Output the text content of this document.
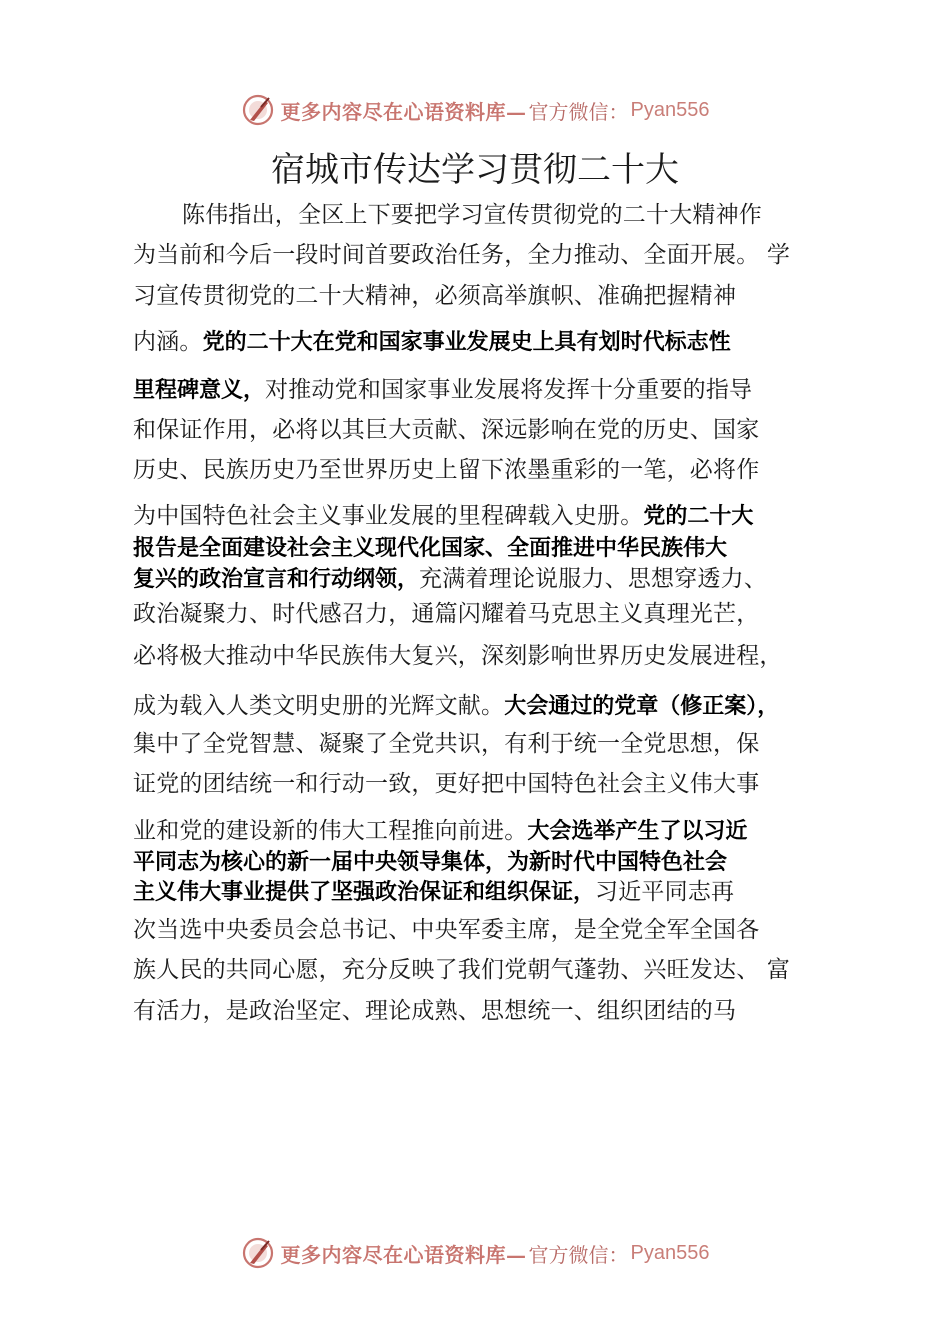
更多内容尽在心语资料库— 官方微信： Pyan556
宿城市传达学习贯彻二十大
陈伟指出，全区上下要把学习宣传贯彻党的二十大精神作
为当前和今后一段时间首要政治任务，全力推动、全面开展。 学
习宣传贯彻党的二十大精神，必须高举旗帜、准确把握精神
内涵。党的二十大在党和国家事业发展史上具有划时代标志性
里程碑意义，对推动党和国家事业发展将发挥十分重要的指导
和保证作用，必将以其巨大贡献、深远影响在党的历史、国家
历史、民族历史乃至世界历史上留下浓墨重彩的一笔，必将作
为中国特色社会主义事业发展的里程碑载入史册。党的二十大
报告是全面建设社会主义现代化国家、全面推进中华民族伟大
复兴的政治宣言和行动纲领，充满着理论说服力、思想穿透力、
政治凝聚力、时代感召力，通篇闪耀着马克思主义真理光芒，
必将极大推动中华民族伟大复兴，深刻影响世界历史发展进程，
成为载入人类文明史册的光辉文献。大会通过的党章（修正案），
集中了全党智慧、凝聚了全党共识，有利于统一全党思想，保
证党的团结统一和行动一致，更好把中国特色社会主义伟大事
业和党的建设新的伟大工程推向前进。大会选举产生了以习近
平同志为核心的新一届中央领导集体，为新时代中国特色社会
主义伟大事业提供了坚强政治保证和组织保证，习近平同志再
次当选中央委员会总书记、中央军委主席，是全党全军全国各
族人民的共同心愿，充分反映了我们党朝气蓬勃、兴旺发达、 富
有活力，是政治坚定、理论成熟、思想统一、组织团结的马
更多内容尽在心语资料库— 官方微信： Pyan556
